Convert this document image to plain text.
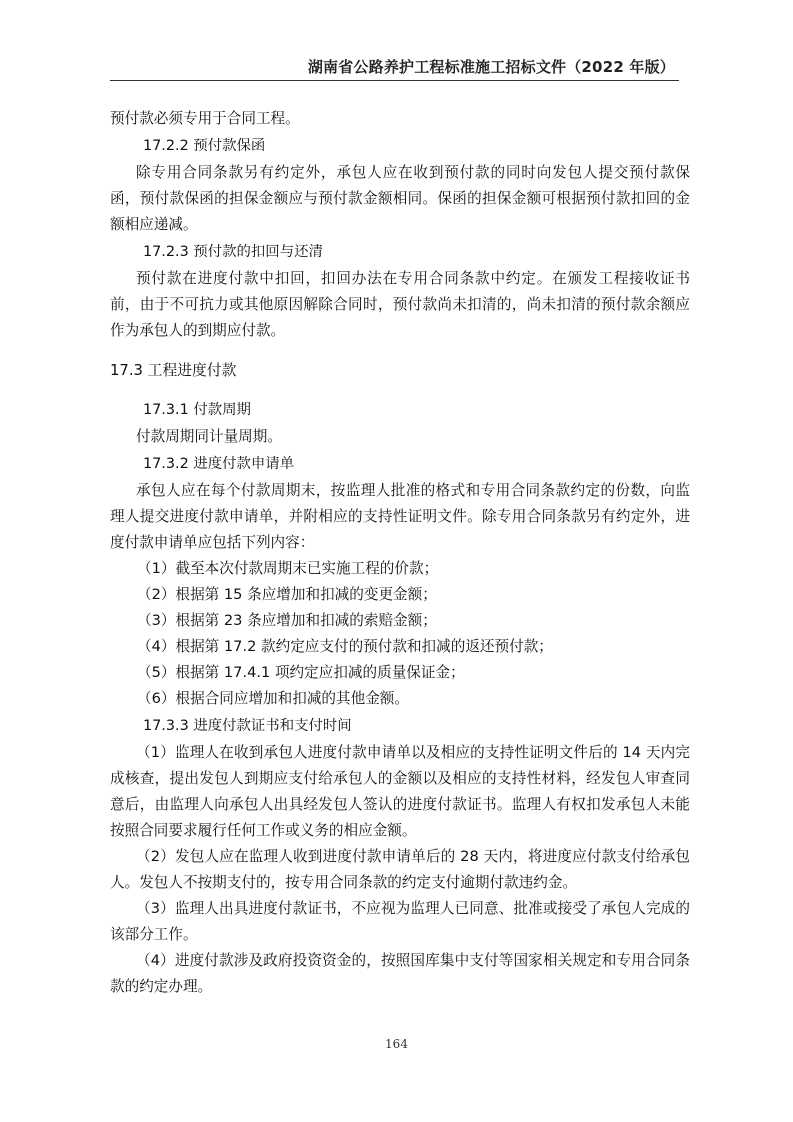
湖南省公路养护工程标准施工招标文件（2022 年版）

预付款必须专用于合同工程。

17.2.2 预付款保函

除专用合同条款另有约定外，承包人应在收到预付款的同时向发包人提交预付款保函，预付款保函的担保金额应与预付款金额相同。保函的担保金额可根据预付款扣回的金额相应递减。

17.2.3 预付款的扣回与还清

预付款在进度付款中扣回，扣回办法在专用合同条款中约定。在颁发工程接收证书前，由于不可抗力或其他原因解除合同时，预付款尚未扣清的，尚未扣清的预付款余额应作为承包人的到期应付款。

17.3 工程进度付款

17.3.1 付款周期

付款周期同计量周期。

17.3.2 进度付款申请单

承包人应在每个付款周期末，按监理人批准的格式和专用合同条款约定的份数，向监理人提交进度付款申请单，并附相应的支持性证明文件。除专用合同条款另有约定外，进度付款申请单应包括下列内容：

（1）截至本次付款周期末已实施工程的价款；

（2）根据第 15 条应增加和扣减的变更金额；

（3）根据第 23 条应增加和扣减的索赔金额；

（4）根据第 17.2 款约定应支付的预付款和扣减的返还预付款；

（5）根据第 17.4.1 项约定应扣减的质量保证金；

（6）根据合同应增加和扣减的其他金额。

17.3.3 进度付款证书和支付时间

（1）监理人在收到承包人进度付款申请单以及相应的支持性证明文件后的 14 天内完成核查，提出发包人到期应支付给承包人的金额以及相应的支持性材料，经发包人审查同意后，由监理人向承包人出具经发包人签认的进度付款证书。监理人有权扣发承包人未能按照合同要求履行任何工作或义务的相应金额。

（2）发包人应在监理人收到进度付款申请单后的 28 天内，将进度应付款支付给承包人。发包人不按期支付的，按专用合同条款的约定支付逾期付款违约金。

（3）监理人出具进度付款证书，不应视为监理人已同意、批准或接受了承包人完成的该部分工作。

（4）进度付款涉及政府投资资金的，按照国库集中支付等国家相关规定和专用合同条款的约定办理。

164
